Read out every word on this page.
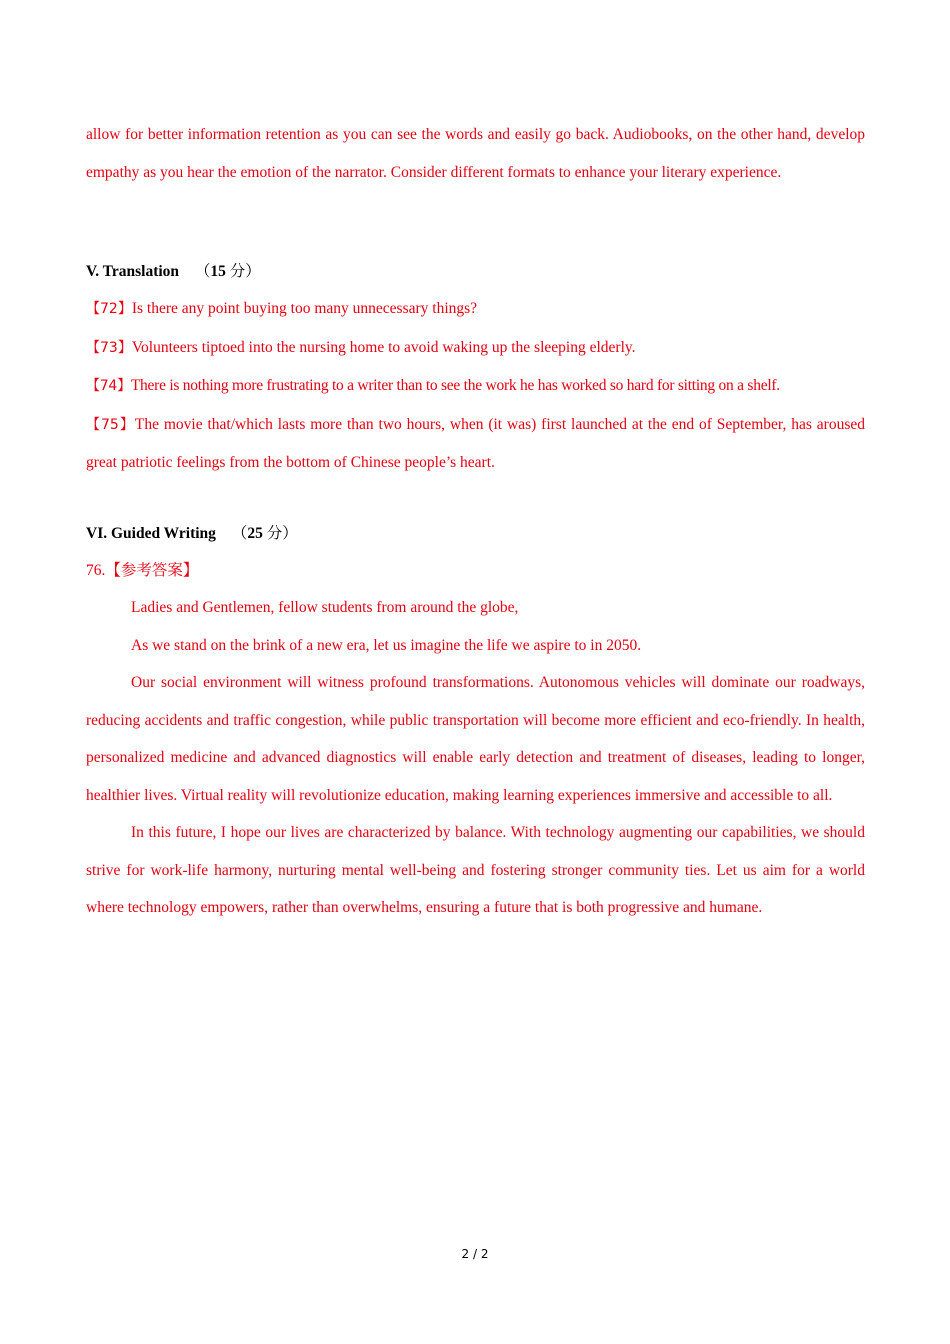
allow for better information retention as you can see the words and easily go back. Audiobooks, on the other hand, develop empathy as you hear the emotion of the narrator. Consider different formats to enhance your literary experience.

V. Translation （15 分）

【72】Is there any point buying too many unnecessary things?

【73】Volunteers tiptoed into the nursing home to avoid waking up the sleeping elderly.

【74】There is nothing more frustrating to a writer than to see the work he has worked so hard for sitting on a shelf.

【75】The movie that/which lasts more than two hours, when (it was) first launched at the end of September, has aroused great patriotic feelings from the bottom of Chinese people’s heart.

VI. Guided Writing （25 分）
76.【参考答案】

Ladies and Gentlemen, fellow students from around the globe,

As we stand on the brink of a new era, let us imagine the life we aspire to in 2050.

Our social environment will witness profound transformations. Autonomous vehicles will dominate our roadways, reducing accidents and traffic congestion, while public transportation will become more efficient and eco-friendly. In health, personalized medicine and advanced diagnostics will enable early detection and treatment of diseases, leading to longer, healthier lives. Virtual reality will revolutionize education, making learning experiences immersive and accessible to all.

In this future, I hope our lives are characterized by balance. With technology augmenting our capabilities, we should strive for work-life harmony, nurturing mental well-being and fostering stronger community ties. Let us aim for a world where technology empowers, rather than overwhelms, ensuring a future that is both progressive and humane.

2 / 2
